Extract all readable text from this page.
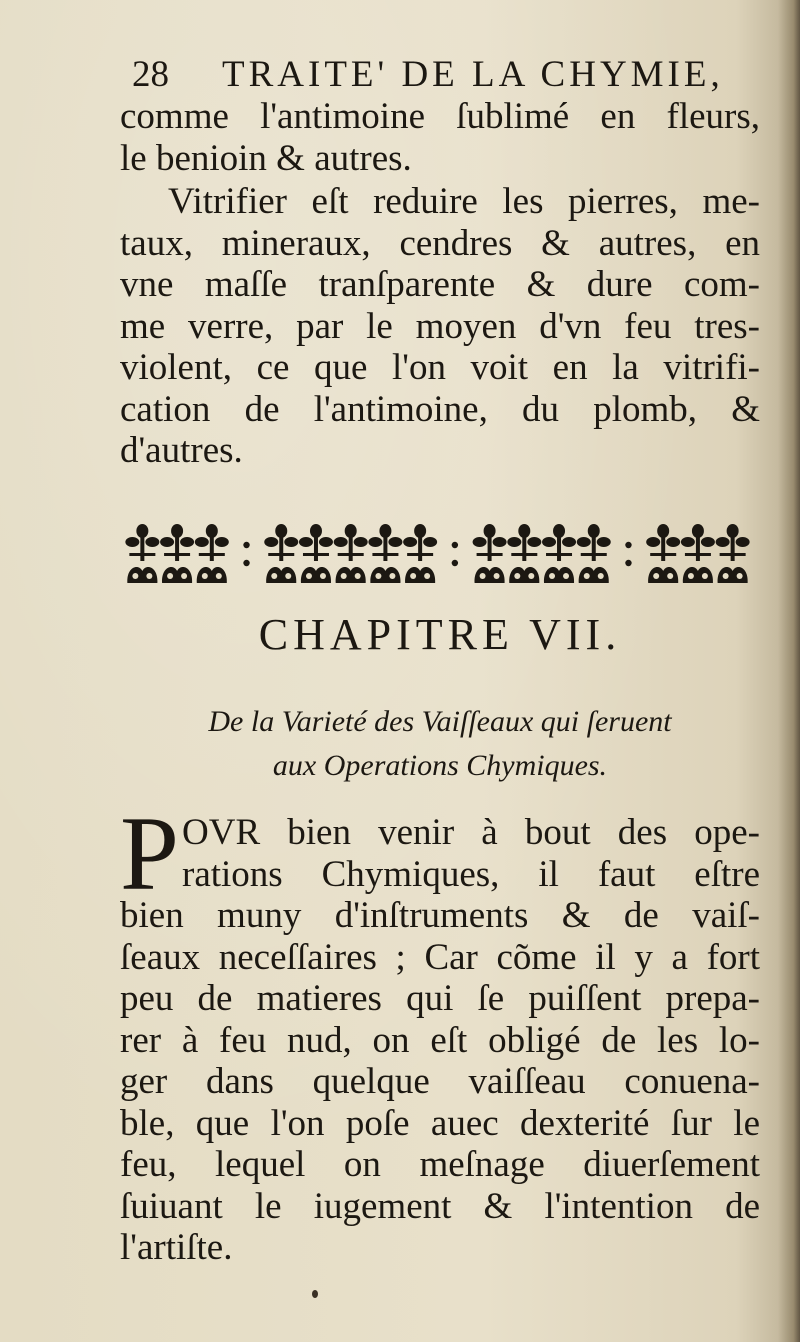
28 TRAITE' DE LA CHYMIE,
comme l'antimoine ſublimé en fleurs,
le benioin & autres.
Vitrifier eſt reduire les pierres, me-
taux, mineraux, cendres & autres, en
vne maſſe tranſparente & dure com-
me verre, par le moyen d'vn feu tres-
violent, ce que l'on voit en la vitrifi-
cation de l'antimoine, du plomb, &
d'autres.
CHAPITRE VII.
De la Varieté des Vaiſſeaux qui ſeruent
aux Operations Chymiques.
P OVR bien venir à bout des ope-
rations Chymiques, il faut eſtre
bien muny d'inſtruments & de vaiſ-
ſeaux neceſſaires ; Car cõme il y a fort
peu de matieres qui ſe puiſſent prepa-
rer à feu nud, on eſt obligé de les lo-
ger dans quelque vaiſſeau conuena-
ble, que l'on poſe auec dexterité ſur le
feu, lequel on meſnage diuerſement
ſuiuant le iugement & l'intention de
l'artiſte.
